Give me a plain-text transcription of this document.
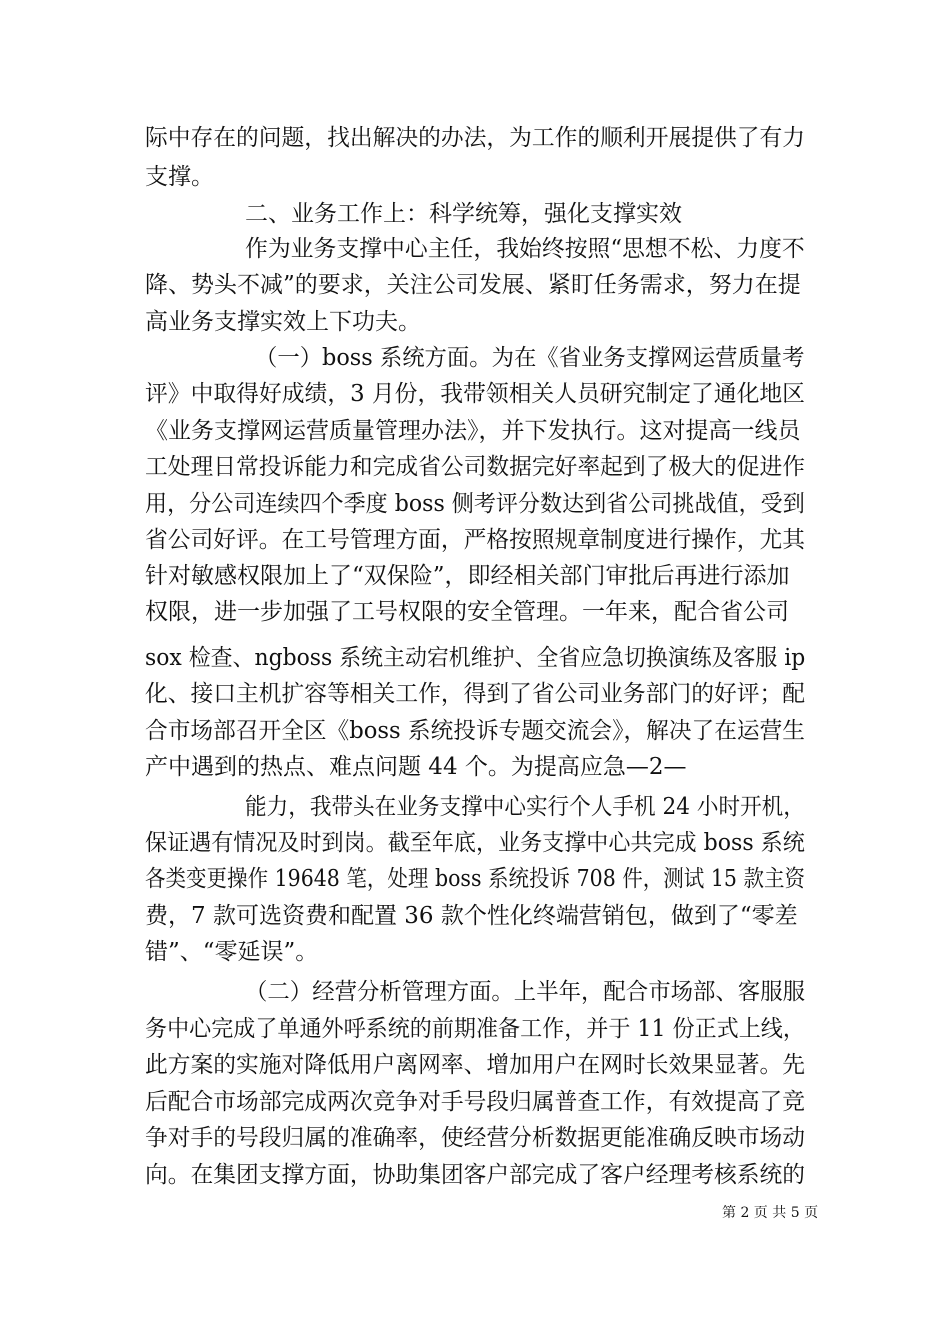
际中存在的问题，找出解决的办法，为工作的顺利开展提供了有力
支撑。
二、业务工作上：科学统筹，强化支撑实效
作为业务支撑中心主任，我始终按照“思想不松、力度不
降、势头不减”的要求，关注公司发展、紧盯任务需求，努力在提
高业务支撑实效上下功夫。
（一）boss 系统方面。为在《省业务支撑网运营质量考
评》中取得好成绩，3 月份，我带领相关人员研究制定了通化地区
《业务支撑网运营质量管理办法》，并下发执行。这对提高一线员
工处理日常投诉能力和完成省公司数据完好率起到了极大的促进作
用，分公司连续四个季度 boss 侧考评分数达到省公司挑战值，受到
省公司好评。在工号管理方面，严格按照规章制度进行操作，尤其
针对敏感权限加上了“双保险”，即经相关部门审批后再进行添加
权限，进一步加强了工号权限的安全管理。一年来，配合省公司
sox 检查、ngboss 系统主动宕机维护、全省应急切换演练及客服 ip
化、接口主机扩容等相关工作，得到了省公司业务部门的好评；配
合市场部召开全区《boss 系统投诉专题交流会》，解决了在运营生
产中遇到的热点、难点问题 44 个。为提高应急—2—
能力，我带头在业务支撑中心实行个人手机 24 小时开机，
保证遇有情况及时到岗。截至年底，业务支撑中心共完成 boss 系统
各类变更操作 19648 笔，处理 boss 系统投诉 708 件，测试 15 款主资
费，7 款可选资费和配置 36 款个性化终端营销包，做到了“零差
错”、“零延误”。
（二）经营分析管理方面。上半年，配合市场部、客服服
务中心完成了单通外呼系统的前期准备工作，并于 11 份正式上线，
此方案的实施对降低用户离网率、增加用户在网时长效果显著。先
后配合市场部完成两次竞争对手号段归属普查工作，有效提高了竞
争对手的号段归属的准确率，使经营分析数据更能准确反映市场动
向。在集团支撑方面，协助集团客户部完成了客户经理考核系统的
第 2 页 共 5 页
